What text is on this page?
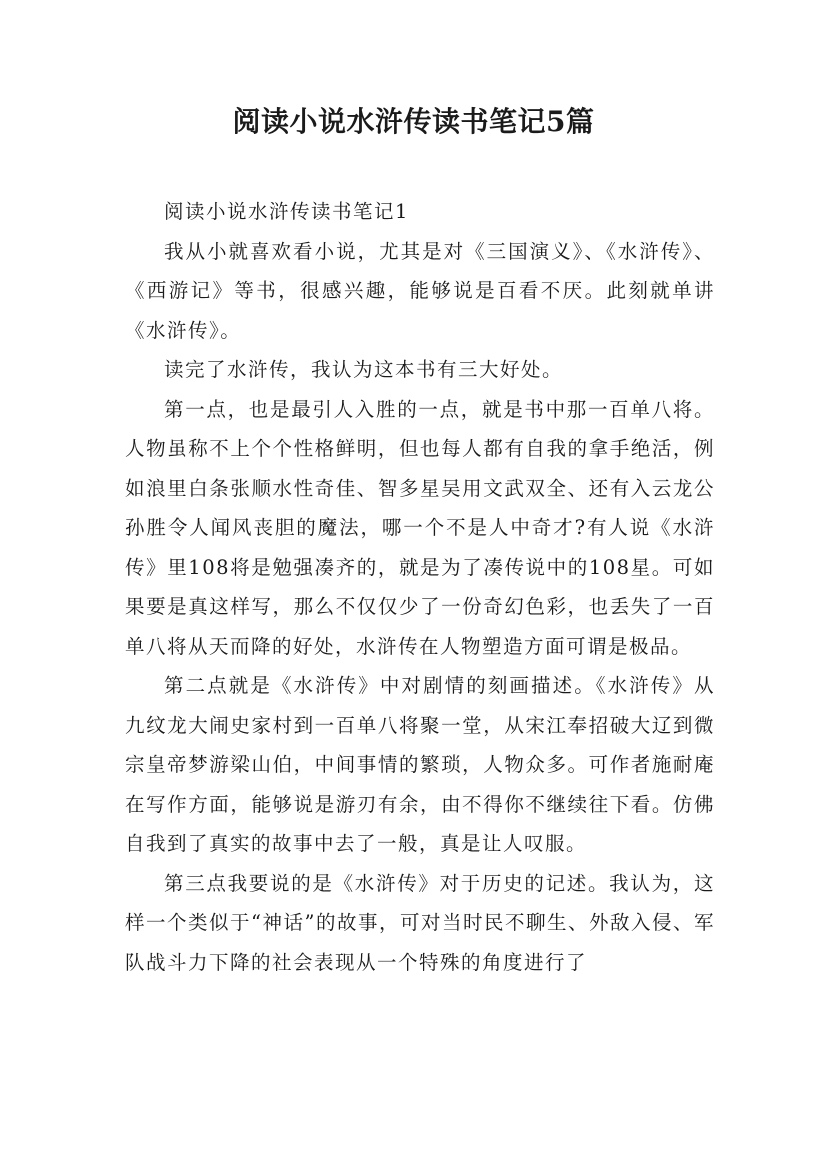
阅读小说水浒传读书笔记5篇

阅读小说水浒传读书笔记1

我从小就喜欢看小说，尤其是对《三国演义》、《水浒传》、《西游记》等书，很感兴趣，能够说是百看不厌。此刻就单讲《水浒传》。

读完了水浒传，我认为这本书有三大好处。

第一点，也是最引人入胜的一点，就是书中那一百单八将。人物虽称不上个个性格鲜明，但也每人都有自我的拿手绝活，例如浪里白条张顺水性奇佳、智多星吴用文武双全、还有入云龙公孙胜令人闻风丧胆的魔法，哪一个不是人中奇才?有人说《水浒传》里108将是勉强凑齐的，就是为了凑传说中的108星。可如果要是真这样写，那么不仅仅少了一份奇幻色彩，也丢失了一百单八将从天而降的好处，水浒传在人物塑造方面可谓是极品。

第二点就是《水浒传》中对剧情的刻画描述。《水浒传》从九纹龙大闹史家村到一百单八将聚一堂，从宋江奉招破大辽到微宗皇帝梦游梁山伯，中间事情的繁琐，人物众多。可作者施耐庵在写作方面，能够说是游刃有余，由不得你不继续往下看。仿佛自我到了真实的故事中去了一般，真是让人叹服。

第三点我要说的是《水浒传》对于历史的记述。我认为，这样一个类似于“神话”的故事，可对当时民不聊生、外敌入侵、军队战斗力下降的社会表现从一个特殊的角度进行了
